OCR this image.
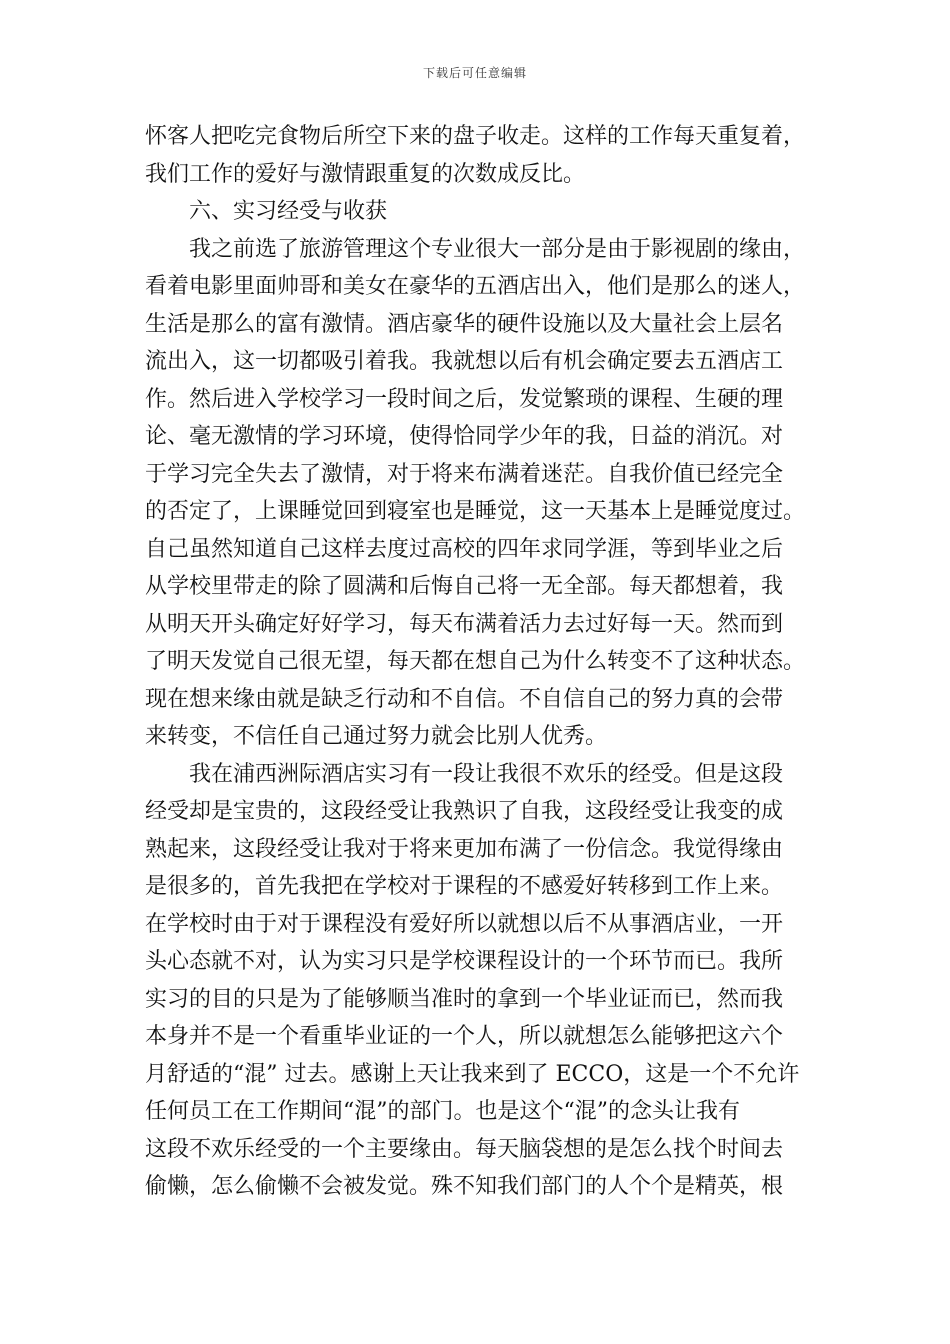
下载后可任意编辑
怀客人把吃完食物后所空下来的盘子收走。这样的工作每天重复着，
我们工作的爱好与激情跟重复的次数成反比。
六、实习经受与收获
我之前选了旅游管理这个专业很大一部分是由于影视剧的缘由，
看着电影里面帅哥和美女在豪华的五酒店出入，他们是那么的迷人，
生活是那么的富有激情。酒店豪华的硬件设施以及大量社会上层名
流出入，这一切都吸引着我。我就想以后有机会确定要去五酒店工
作。然后进入学校学习一段时间之后，发觉繁琐的课程、生硬的理
论、毫无激情的学习环境，使得恰同学少年的我，日益的消沉。对
于学习完全失去了激情，对于将来布满着迷茫。自我价值已经完全
的否定了，上课睡觉回到寝室也是睡觉，这一天基本上是睡觉度过。
自己虽然知道自己这样去度过高校的四年求同学涯，等到毕业之后
从学校里带走的除了圆满和后悔自己将一无全部。每天都想着，我
从明天开头确定好好学习，每天布满着活力去过好每一天。然而到
了明天发觉自己很无望，每天都在想自己为什么转变不了这种状态。
现在想来缘由就是缺乏行动和不自信。不自信自己的努力真的会带
来转变，不信任自己通过努力就会比别人优秀。
我在浦西洲际酒店实习有一段让我很不欢乐的经受。但是这段
经受却是宝贵的，这段经受让我熟识了自我，这段经受让我变的成
熟起来，这段经受让我对于将来更加布满了一份信念。我觉得缘由
是很多的，首先我把在学校对于课程的不感爱好转移到工作上来。
在学校时由于对于课程没有爱好所以就想以后不从事酒店业，一开
头心态就不对，认为实习只是学校课程设计的一个环节而已。我所
实习的目的只是为了能够顺当准时的拿到一个毕业证而已，然而我
本身并不是一个看重毕业证的一个人，所以就想怎么能够把这六个
月舒适的“混” 过去。感谢上天让我来到了 ECCO，这是一个不允许
任何员工在工作期间“混”的部门。也是这个“混”的念头让我有
这段不欢乐经受的一个主要缘由。每天脑袋想的是怎么找个时间去
偷懒，怎么偷懒不会被发觉。殊不知我们部门的人个个是精英，根
